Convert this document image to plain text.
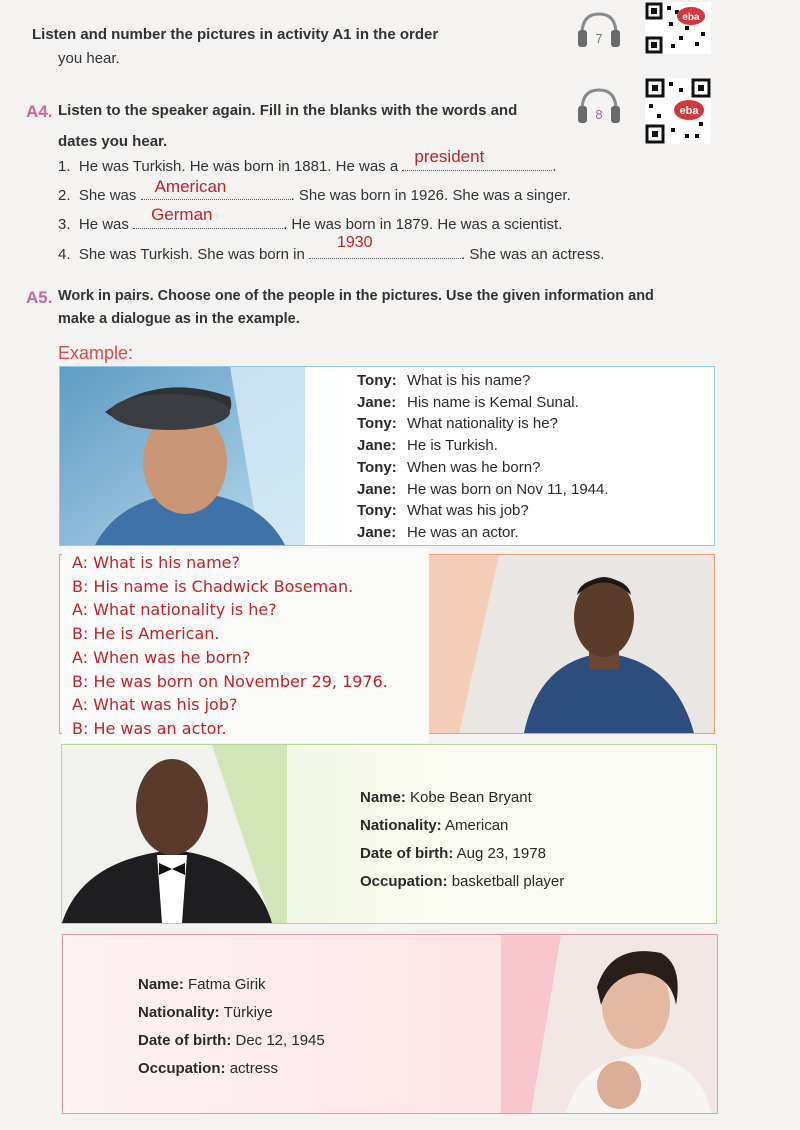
Listen and number the pictures in activity A1 in the order
you hear.
7
eba
A4. Listen to the speaker again. Fill in the blanks with the words and
dates you hear.
8	eba
1. He was Turkish. He was born in 1881. He was a
president
.
2. She was American	. She was born in 1926. She was a singer.
3. He was
German
. He was born in 1879. He was a scientist.
4. She was Turkish. She was born in
1930
. She was an actress.
A5. Work in pairs. Choose one of the people in the pictures. Use the given information and
make a dialogue as in the example.
Example:
Tony: What is his name?
Jane: His name is Kemal Sunal.
Tony: What nationality is he?
Jane: He is Turkish.
Tony: When was he born?
Jane: He was born on Nov 11, 1944.
Tony: What was his job?
Jane: He was an actor.
A: What is his name?
B: His name is Chadwick Boseman.
A: What nationality is he?
B: He is American.
A: When was he born?
B: He was born on November 29, 1976.
A: What was his job?
B: He was an actor.
Name: Kobe Bean Bryant
Nationality: American
Date of birth: Aug 23, 1978
Occupation: basketball player
Name: Fatma Girik
Nationality: Türkiye
Date of birth: Dec 12, 1945
Occupation: actress
